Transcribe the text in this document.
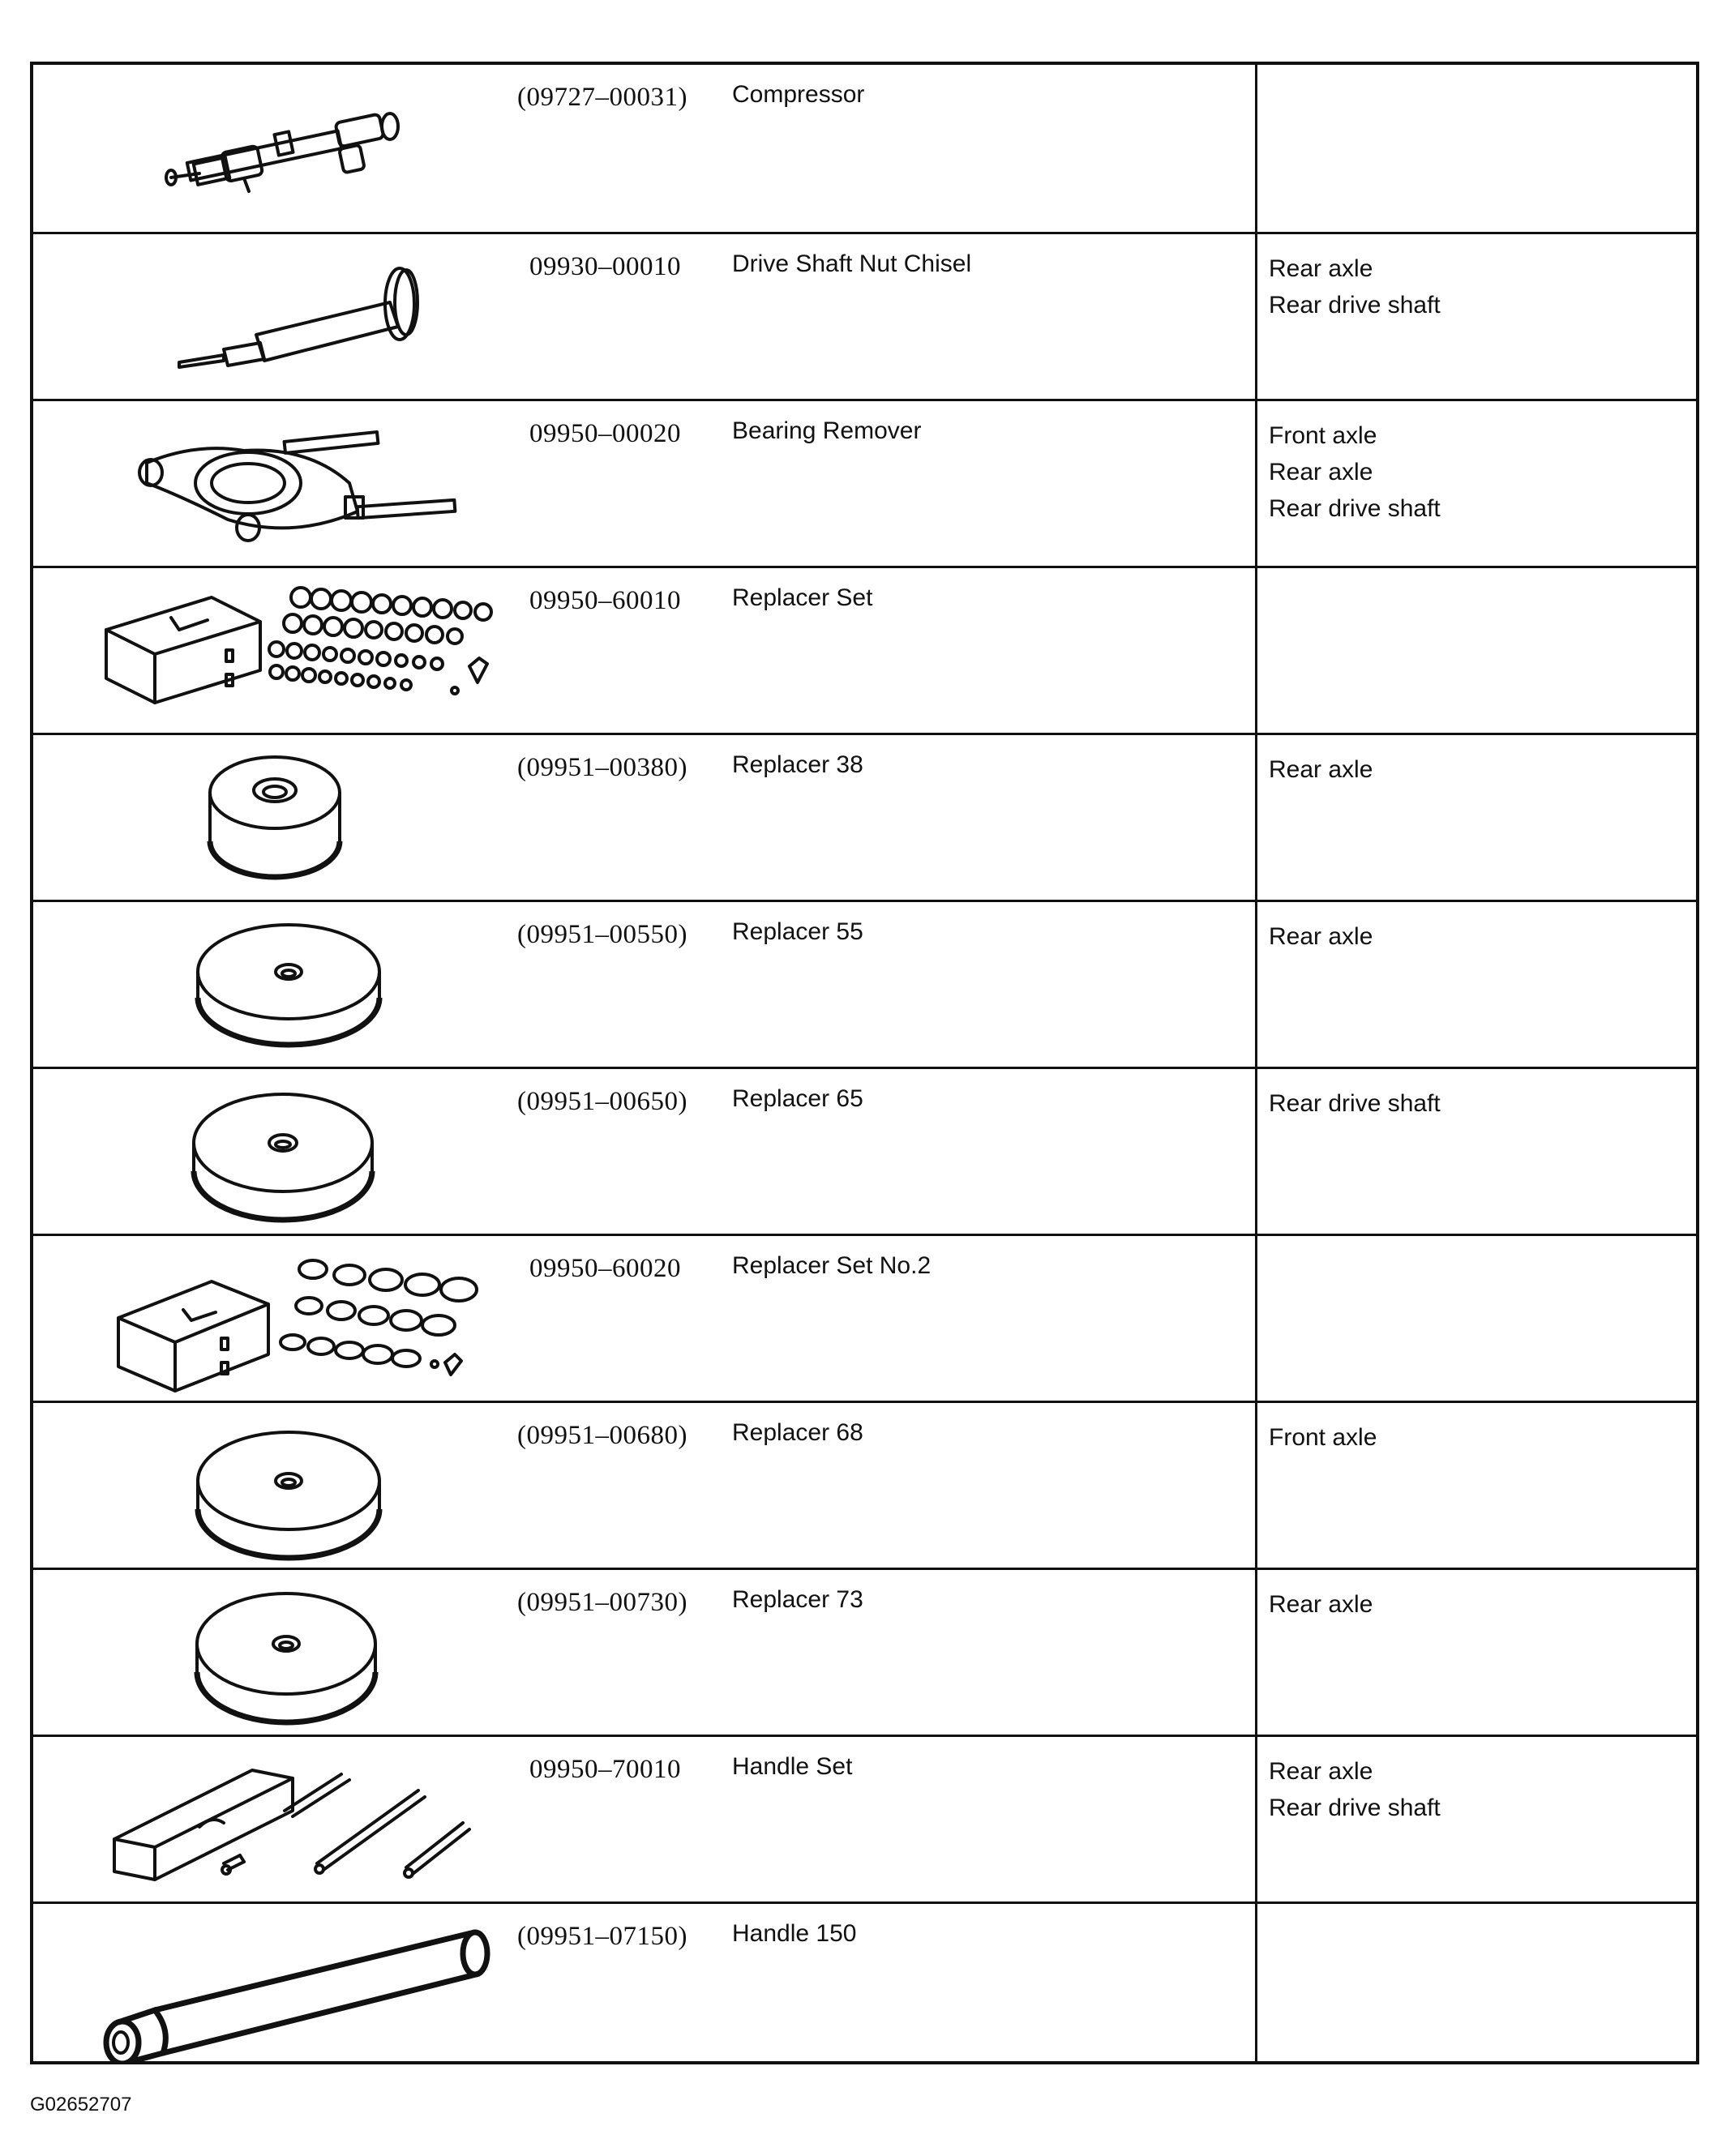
(09727–00031) Compressor
09930–00010 Drive Shaft Nut Chisel	Rear axle
Rear drive shaft
09950–00020 Bearing Remover	Front axle
Rear axle
Rear drive shaft
09950–60010 Replacer Set
(09951–00380) Replacer 38	Rear axle
(09951–00550) Replacer 55	Rear axle
(09951–00650) Replacer 65	Rear drive shaft
09950–60020 Replacer Set No.2
(09951–00680) Replacer 68	Front axle
(09951–00730) Replacer 73	Rear axle
09950–70010 Handle Set	Rear axle
Rear drive shaft
(09951–07150) Handle 150
G02652707
